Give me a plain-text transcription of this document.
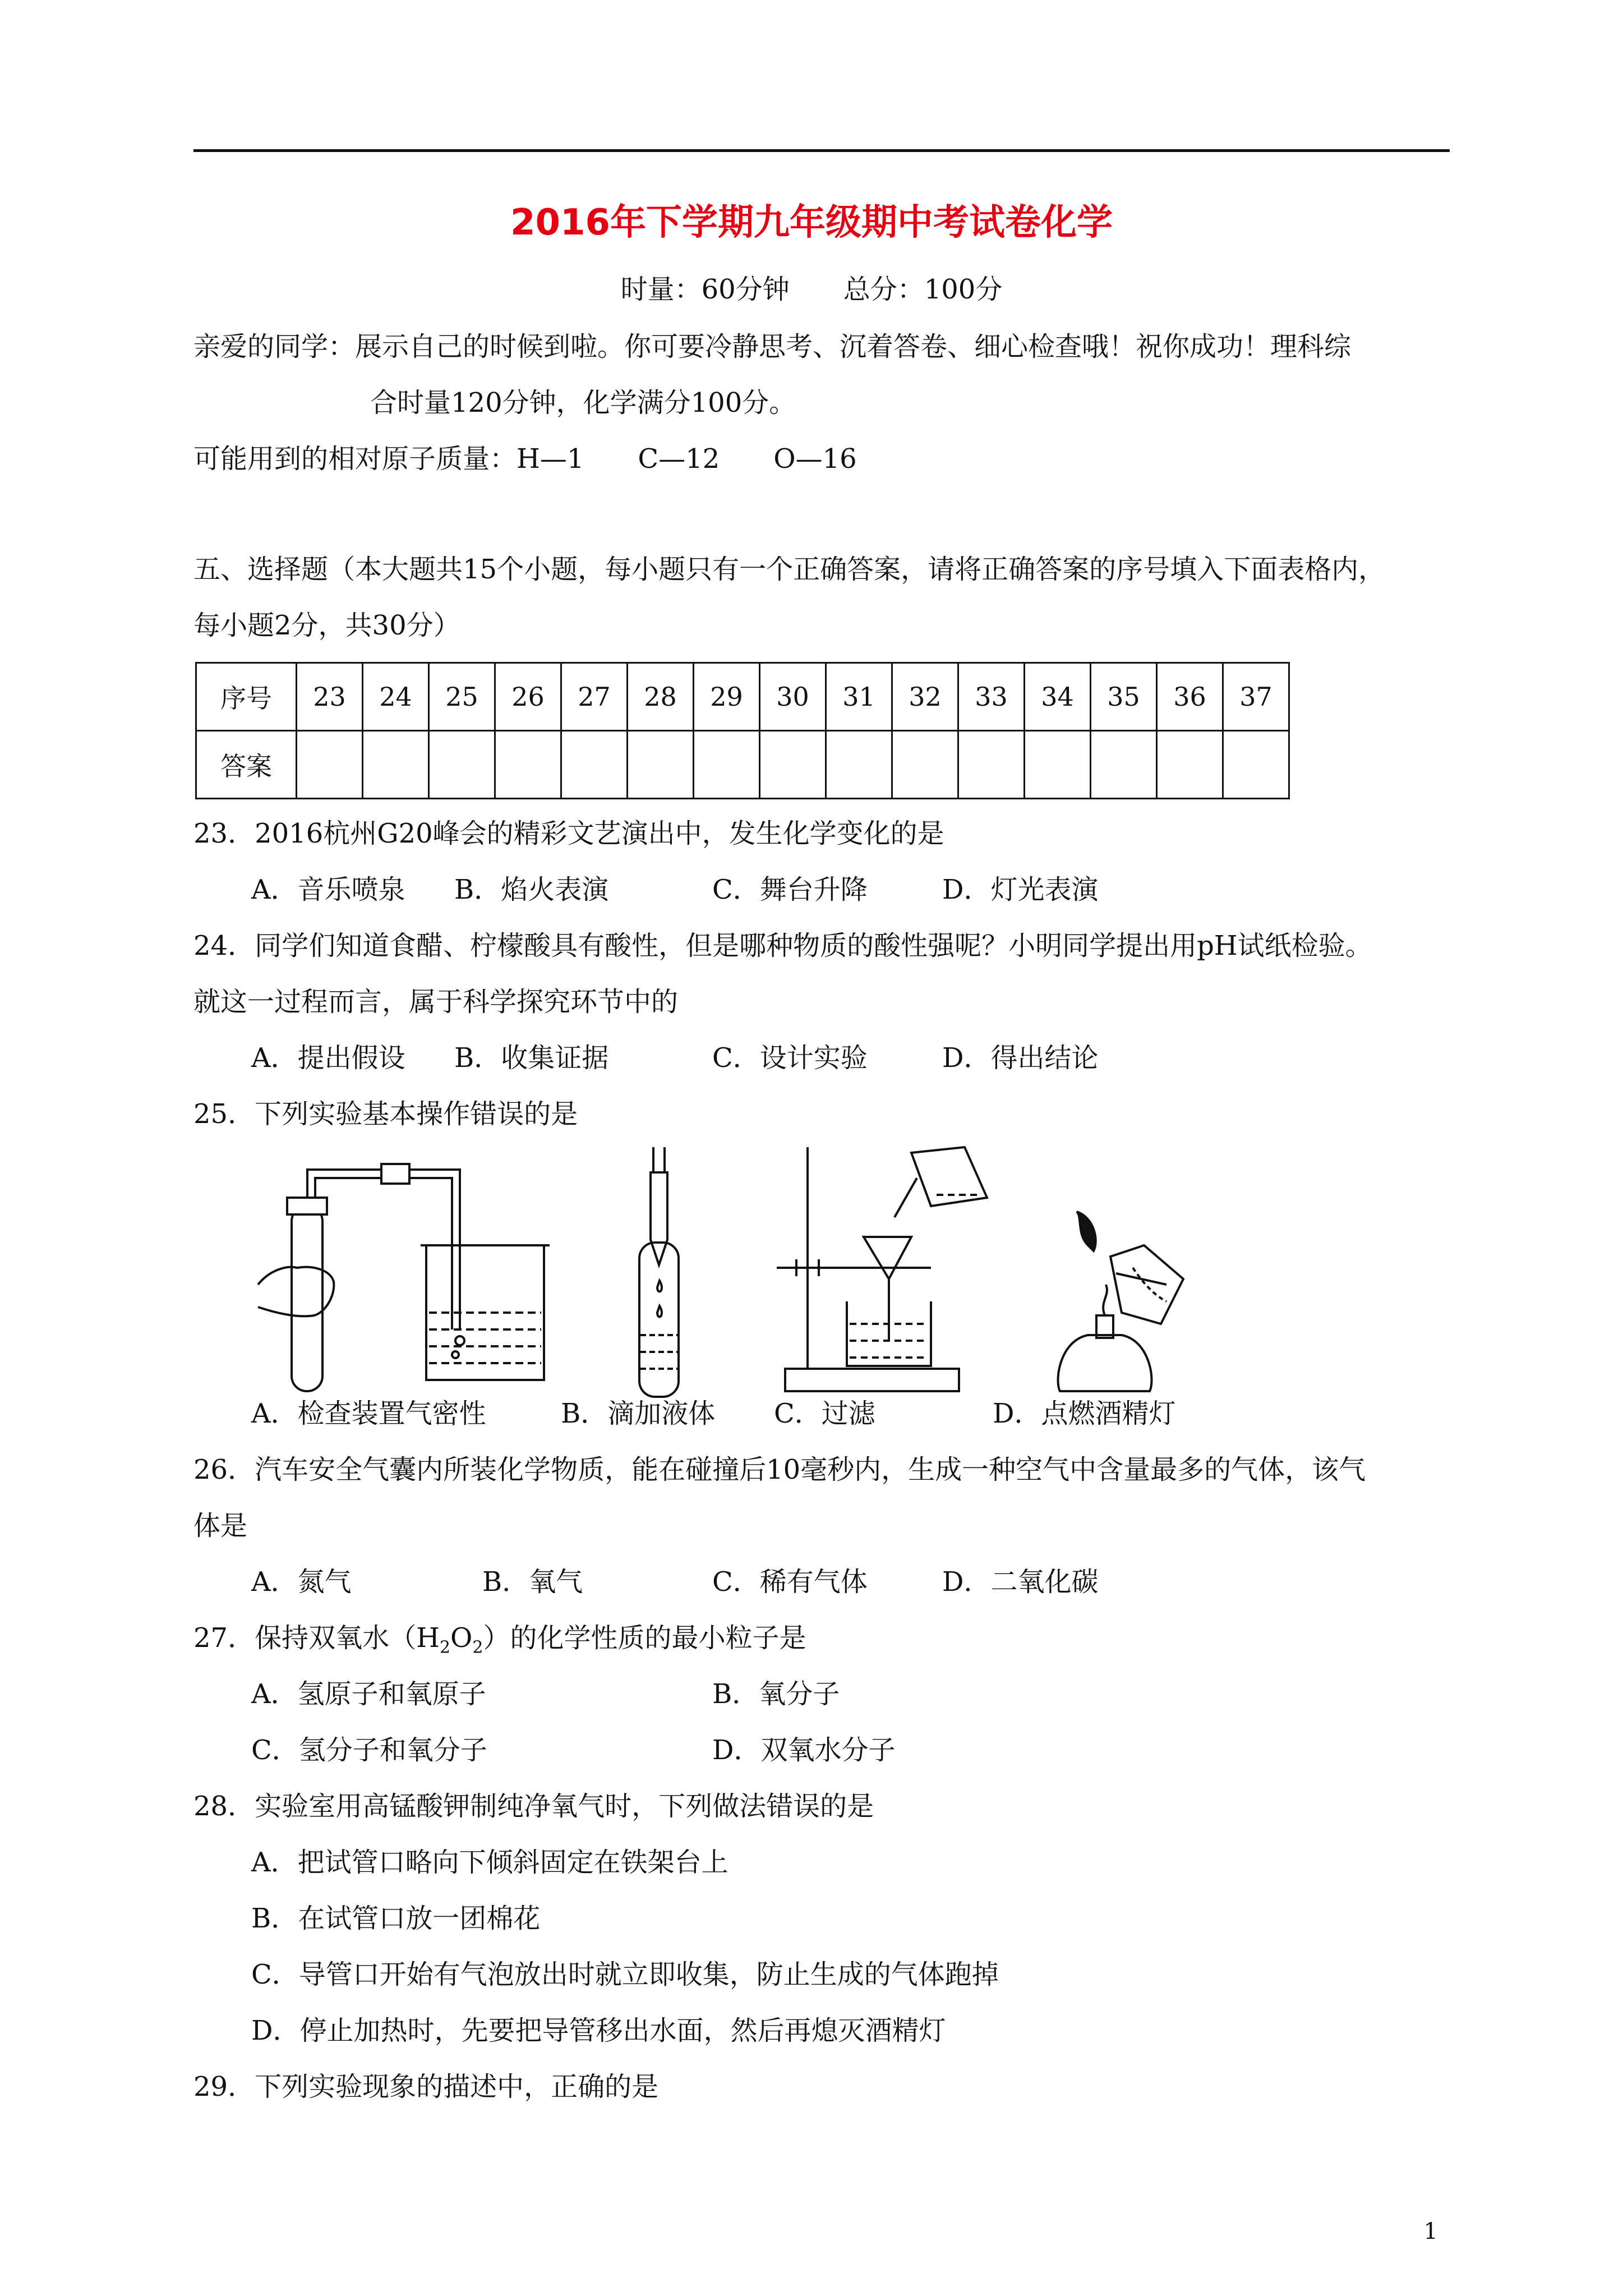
2016年下学期九年级期中考试卷化学
时量：60分钟　　总分：100分
亲爱的同学：展示自己的时候到啦。你可要冷静思考、沉着答卷、细心检查哦！祝你成功！理科综
合时量120分钟，化学满分100分。
可能用到的相对原子质量：H—1　　C—12　　O—16
五、选择题（本大题共15个小题，每小题只有一个正确答案，请将正确答案的序号填入下面表格内，
每小题2分，共30分）
序号	23	24	25	26	27	28	29	30	31	32	33	34	35	36	37
答案															
23．2016杭州G20峰会的精彩文艺演出中，发生化学变化的是
A．音乐喷泉 B．焰火表演	C．舞台升降	D．灯光表演
24．同学们知道食醋、柠檬酸具有酸性，但是哪种物质的酸性强呢？小明同学提出用pH试纸检验。
就这一过程而言，属于科学探究环节中的
A．提出假设 B．收集证据	C．设计实验	D．得出结论
25．下列实验基本操作错误的是
A．检查装置气密性	B．滴加液体 C．过滤	D．点燃酒精灯
26．汽车安全气囊内所装化学物质，能在碰撞后10毫秒内，生成一种空气中含量最多的气体，该气
体是
A．氮气	B．氧气	C．稀有气体	D．二氧化碳
27．保持双氧水$(H_2O_2)$的化学性质的最小粒子是
A．氢原子和氧原子	B．氧分子
C．氢分子和氧分子	D．双氧水分子
28．实验室用高锰酸钾制纯净氧气时，下列做法错误的是
A．把试管口略向下倾斜固定在铁架台上
B．在试管口放一团棉花
C．导管口开始有气泡放出时就立即收集，防止生成的气体跑掉
D．停止加热时，先要把导管移出水面，然后再熄灭酒精灯
29．下列实验现象的描述中，正确的是
1
